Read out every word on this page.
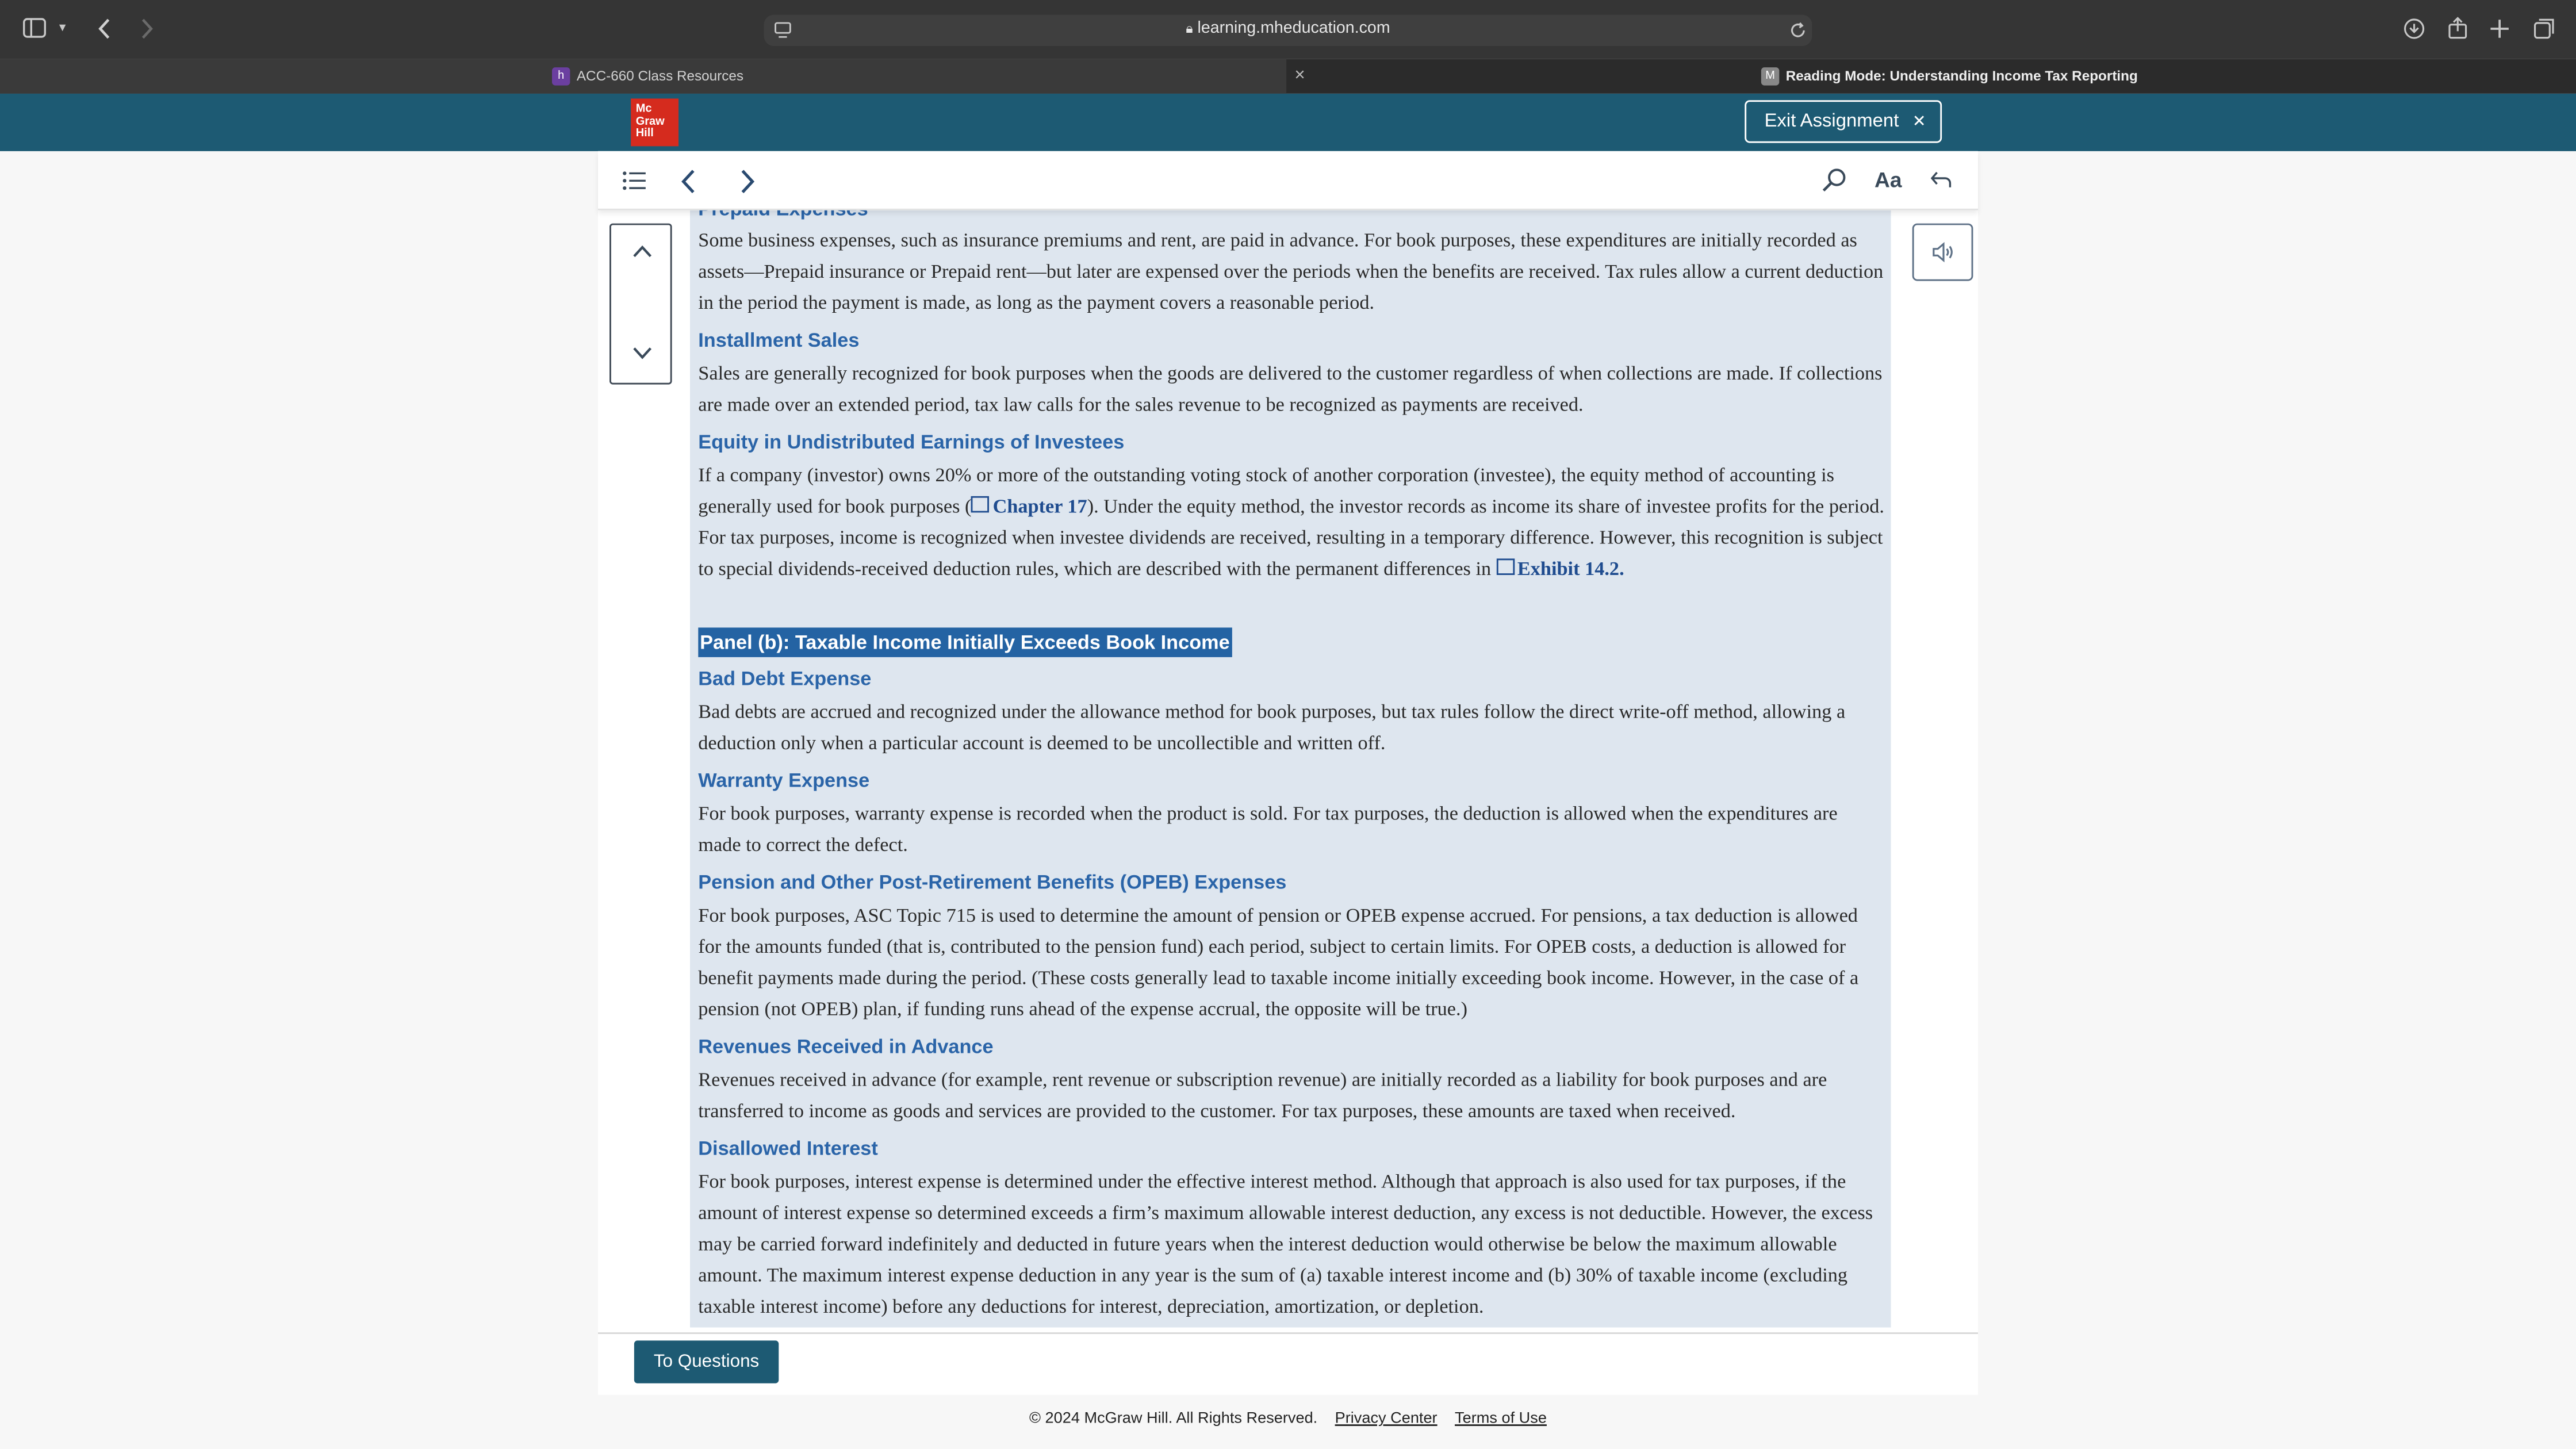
▾	🔒︎ learning.mheducation.com
h	ACC-660 Class Resources	×	M Reading Mode: Understanding Income Tax Reporting
Mc
Graw
Hill
Exit Assignment ✕

Some business expenses, such as insurance premiums and rent, are paid in advance. For book purposes, these expenditures are initially recorded as assets—Prepaid insurance or Prepaid rent—but later are expensed over the periods when the benefits are received. Tax rules allow a current deduction in the period the payment is made, as long as the payment covers a reasonable period.

Installment Sales

Sales are generally recognized for book purposes when the goods are delivered to the customer regardless of when collections are made. If collections are made over an extended period, tax law calls for the sales revenue to be recognized as payments are received.

Equity in Undistributed Earnings of Investees

If a company (investor) owns 20% or more of the outstanding voting stock of another corporation (investee), the equity method of accounting is generally used for book purposes (	Chapter 17). Under the equity method, the investor records as income its share of investee profits for the period. For tax purposes, income is recognized when investee dividends are received, resulting in a temporary difference. However, this recognition is subject to special dividends-received deduction rules, which are described with the permanent differences in	Exhibit 14.2.

Panel (b): Taxable Income Initially Exceeds Book Income
Bad Debt Expense

Bad debts are accrued and recognized under the allowance method for book purposes, but tax rules follow the direct write-off method, allowing a deduction only when a particular account is deemed to be uncollectible and written off.

Warranty Expense

For book purposes, warranty expense is recorded when the product is sold. For tax purposes, the deduction is allowed when the expenditures are made to correct the defect.

Pension and Other Post-Retirement Benefits (OPEB) Expenses

For book purposes, ASC Topic 715 is used to determine the amount of pension or OPEB expense accrued. For pensions, a tax deduction is allowed for the amounts funded (that is, contributed to the pension fund) each period, subject to certain limits. For OPEB costs, a deduction is allowed for benefit payments made during the period. (These costs generally lead to taxable income initially exceeding book income. However, in the case of a pension (not OPEB) plan, if funding runs ahead of the expense accrual, the opposite will be true.)

Revenues Received in Advance

Revenues received in advance (for example, rent revenue or subscription revenue) are initially recorded as a liability for book purposes and are transferred to income as goods and services are provided to the customer. For tax purposes, these amounts are taxed when received.

Disallowed Interest

For book purposes, interest expense is determined under the effective interest method. Although that approach is also used for tax purposes, if the amount of interest expense so determined exceeds a firm’s maximum allowable interest deduction, any excess is not deductible. However, the excess may be carried forward indefinitely and deducted in future years when the interest deduction would otherwise be below the maximum allowable amount. The maximum interest expense deduction in any year is the sum of (a) taxable interest income and (b) 30% of taxable income (excluding taxable interest income) before any deductions for interest, depreciation, amortization, or depletion.

Aa
To Questions
© 2024 McGraw Hill. All Rights Reserved.	Privacy Center	Terms of Use
